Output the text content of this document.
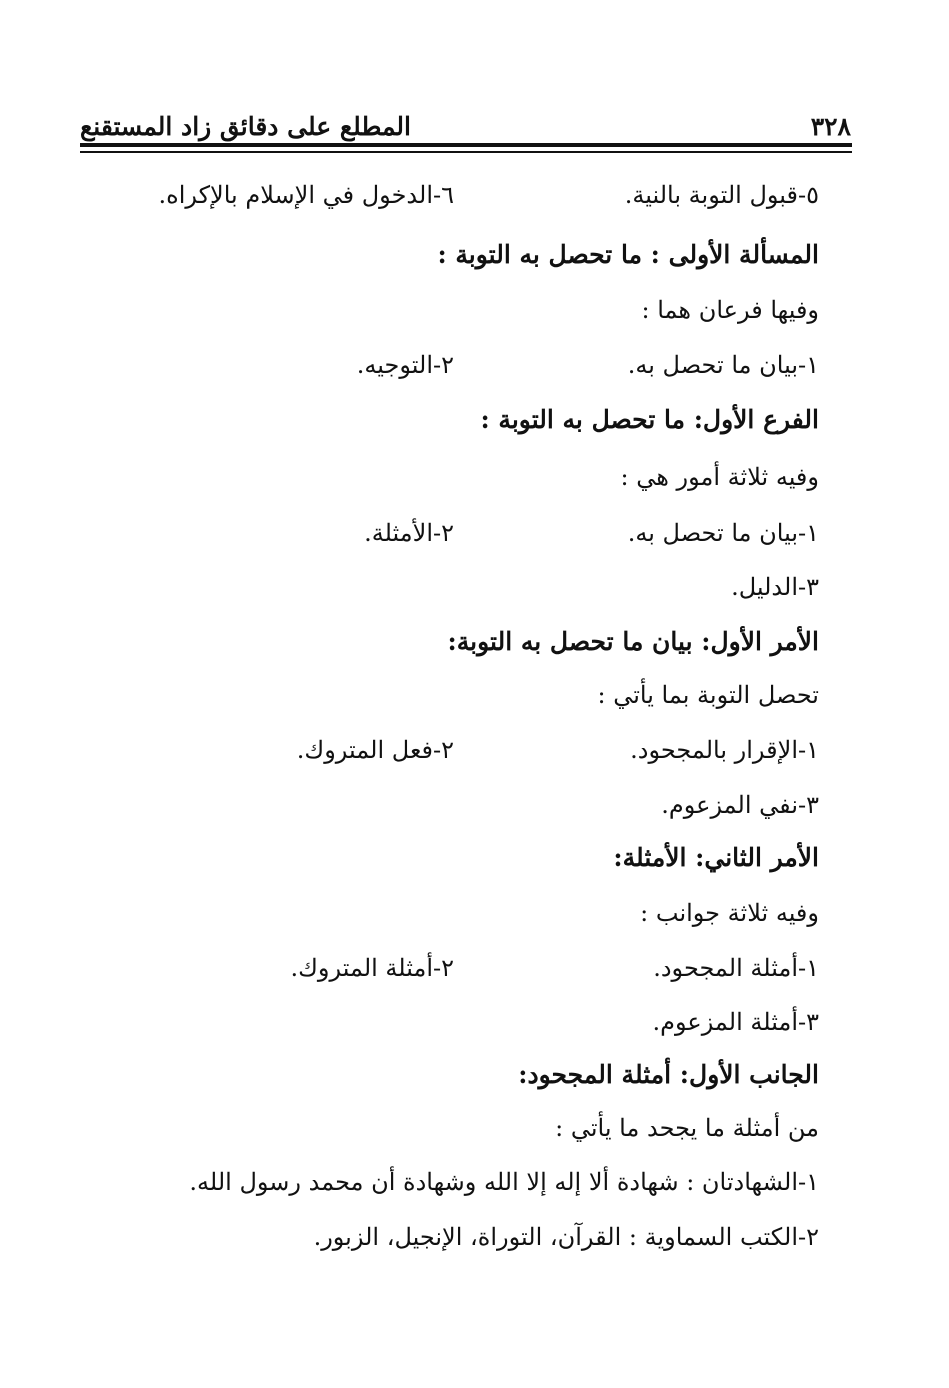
المطلع على دقائق زاد المستقنع	٣٢٨
٥-قبول التوبة بالنية.
٦-الدخول في الإسلام بالإكراه.
المسألة الأولى : ما تحصل به التوبة :
وفيها فرعان هما :
١-بيان ما تحصل به.
٢-التوجيه.
الفرع الأول: ما تحصل به التوبة :
وفيه ثلاثة أمور هي :
١-بيان ما تحصل به.
٢-الأمثلة.
٣-الدليل.
الأمر الأول: بيان ما تحصل به التوبة:
تحصل التوبة بما يأتي :
١-الإقرار بالمجحود.
٢-فعل المتروك.
٣-نفي المزعوم.
الأمر الثاني: الأمثلة:
وفيه ثلاثة جوانب :
١-أمثلة المجحود.
٢-أمثلة المتروك.
٣-أمثلة المزعوم.
الجانب الأول: أمثلة المجحود:
من أمثلة ما يجحد ما يأتي :
١-الشهادتان : شهادة ألا إله إلا الله وشهادة أن محمد رسول الله.
٢-الكتب السماوية : القرآن، التوراة، الإنجيل، الزبور.
